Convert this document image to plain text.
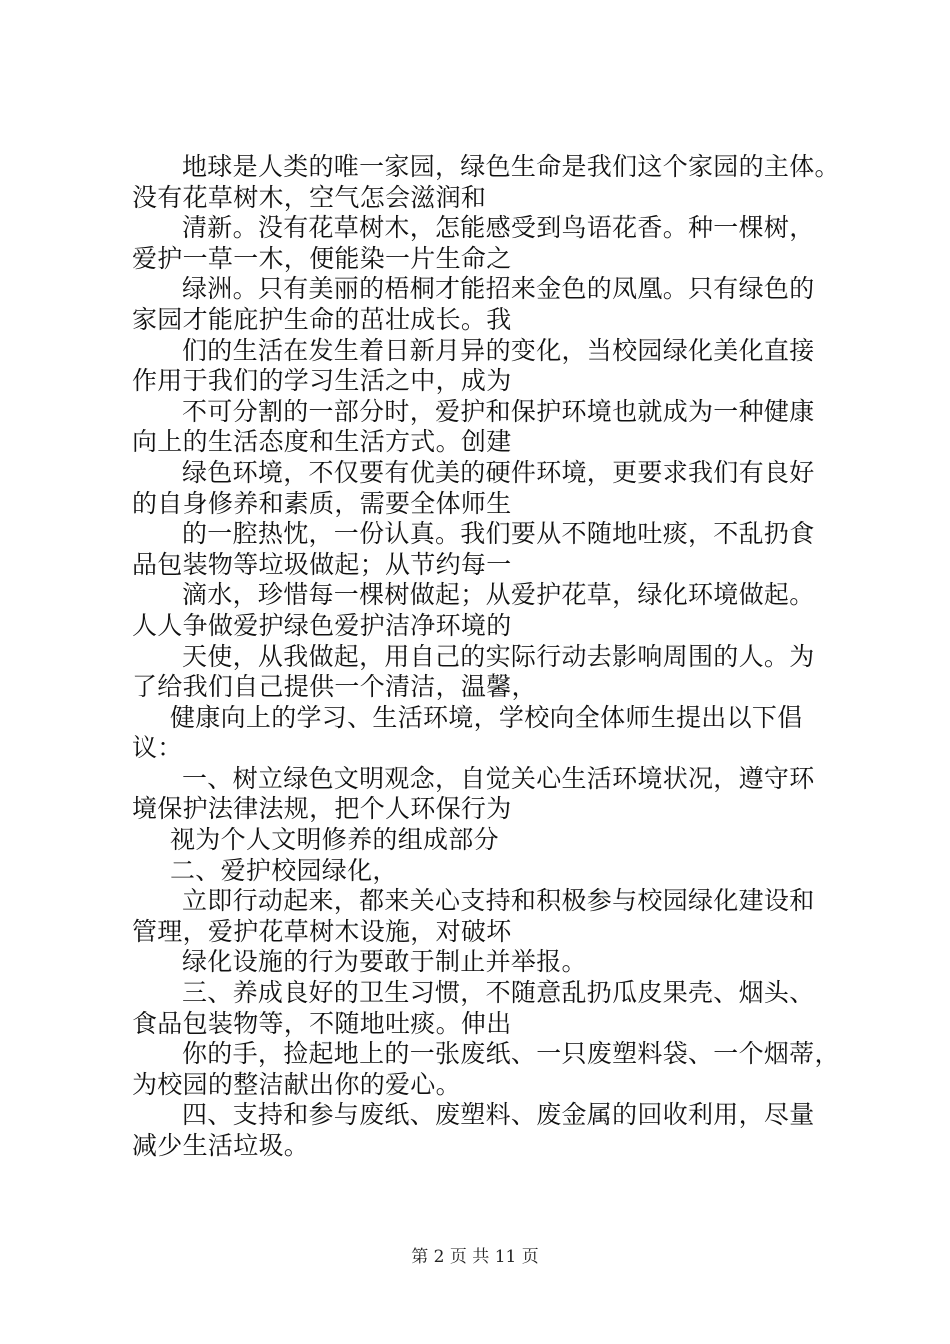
地球是人类的唯一家园，绿色生命是我们这个家园的主体。
没有花草树木，空气怎会滋润和
清新。没有花草树木，怎能感受到鸟语花香。种一棵树，
爱护一草一木，便能染一片生命之
绿洲。只有美丽的梧桐才能招来金色的凤凰。只有绿色的
家园才能庇护生命的茁壮成长。我
们的生活在发生着日新月异的变化，当校园绿化美化直接
作用于我们的学习生活之中，成为
不可分割的一部分时，爱护和保护环境也就成为一种健康
向上的生活态度和生活方式。创建
绿色环境，不仅要有优美的硬件环境，更要求我们有良好
的自身修养和素质，需要全体师生
的一腔热忱，一份认真。我们要从不随地吐痰，不乱扔食
品包装物等垃圾做起；从节约每一
滴水，珍惜每一棵树做起；从爱护花草，绿化环境做起。
人人争做爱护绿色爱护洁净环境的
天使，从我做起，用自己的实际行动去影响周围的人。为
了给我们自己提供一个清洁，温馨，
健康向上的学习、生活环境，学校向全体师生提出以下倡
议：
一、树立绿色文明观念，自觉关心生活环境状况，遵守环
境保护法律法规，把个人环保行为
视为个人文明修养的组成部分
二、爱护校园绿化，
立即行动起来，都来关心支持和积极参与校园绿化建设和
管理，爱护花草树木设施，对破坏
绿化设施的行为要敢于制止并举报。
三、养成良好的卫生习惯，不随意乱扔瓜皮果壳、烟头、
食品包装物等，不随地吐痰。伸出
你的手，捡起地上的一张废纸、一只废塑料袋、一个烟蒂，
为校园的整洁献出你的爱心。
四、支持和参与废纸、废塑料、废金属的回收利用，尽量
减少生活垃圾。
第 2 页 共 11 页
